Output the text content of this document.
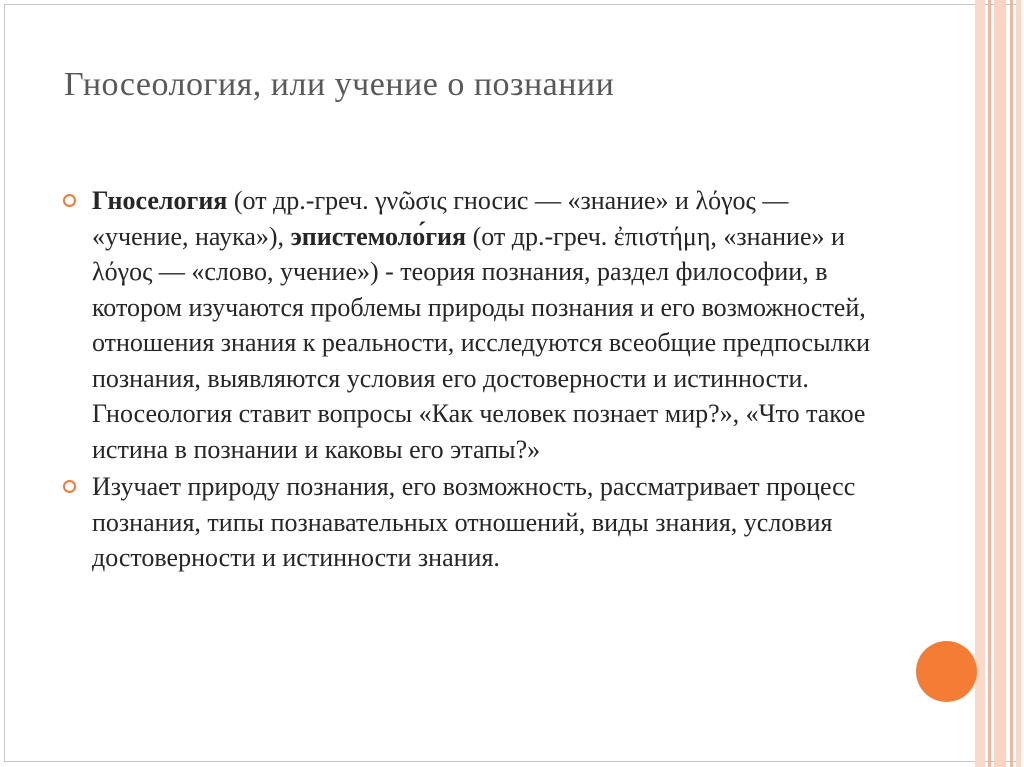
Гносеология, или учение о познании
Гноселогия (от др.-греч. γνῶσις гносис — «знание» и λόγος — «учение, наука»), эпистемоло́гия (от др.-греч. ἐπιστήμη, «знание» и λόγος — «слово, учение») - теория познания, раздел философии, в котором изучаются проблемы природы познания и его возможностей, отношения знания к реальности, исследуются всеобщие предпосылки познания, выявляются условия его достоверности и истинности. Гносеология ставит вопросы «Как человек познает мир?», «Что такое истина в познании и каковы его этапы?»
Изучает природу познания, его возможность, рассматривает процесс познания, типы познавательных отношений, виды знания, условия достоверности и истинности знания.
